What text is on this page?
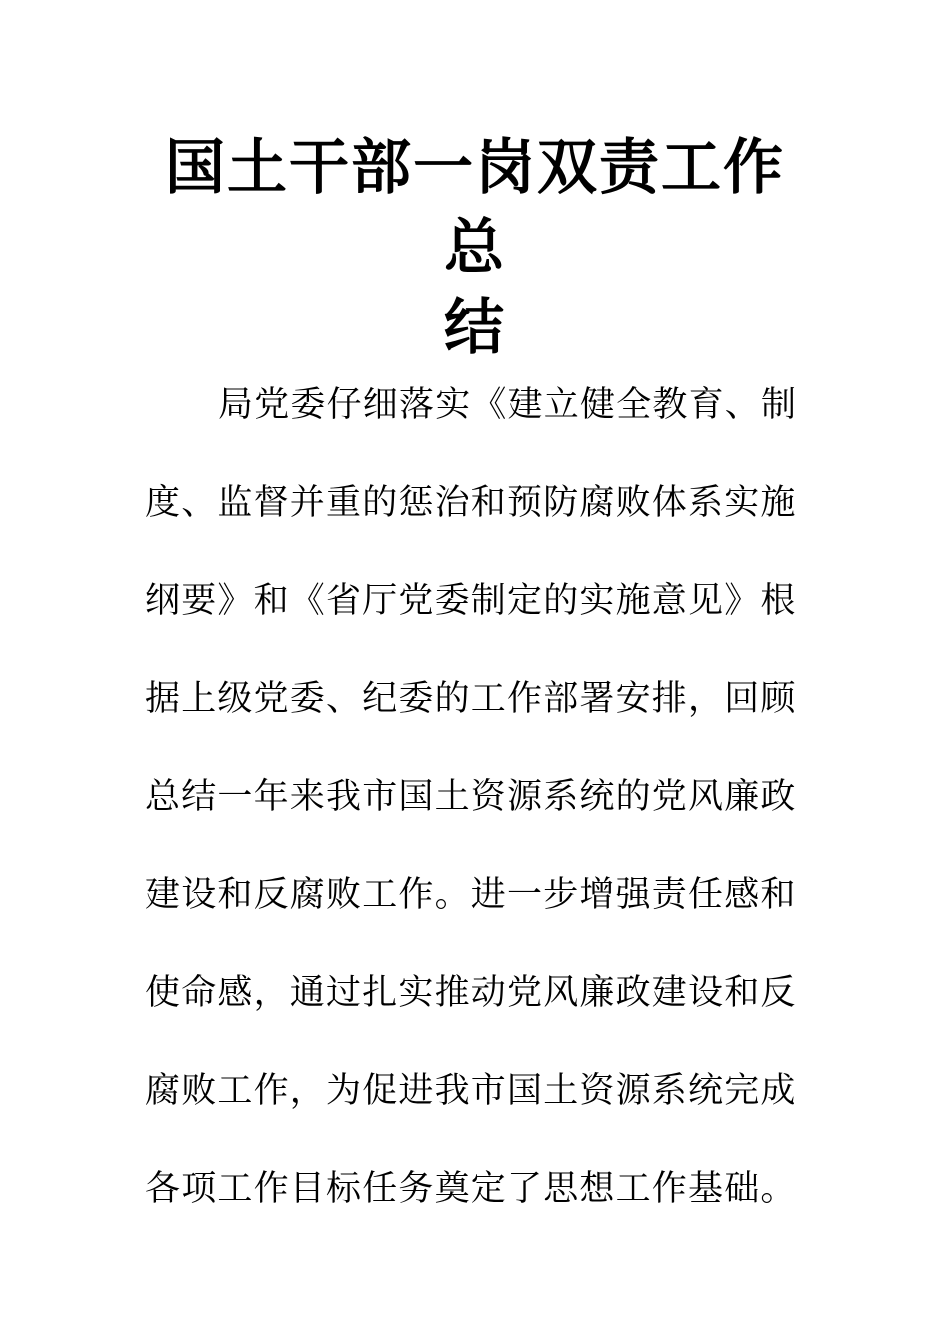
国土干部一岗双责工作总
结
局党委仔细落实《建立健全教育、制
度、监督并重的惩治和预防腐败体系实施
纲要》和《省厅党委制定的实施意见》根
据上级党委、纪委的工作部署安排，回顾
总结一年来我市国土资源系统的党风廉政
建设和反腐败工作。进一步增强责任感和
使命感，通过扎实推动党风廉政建设和反
腐败工作，为促进我市国土资源系统完成
各项工作目标任务奠定了思想工作基础。
